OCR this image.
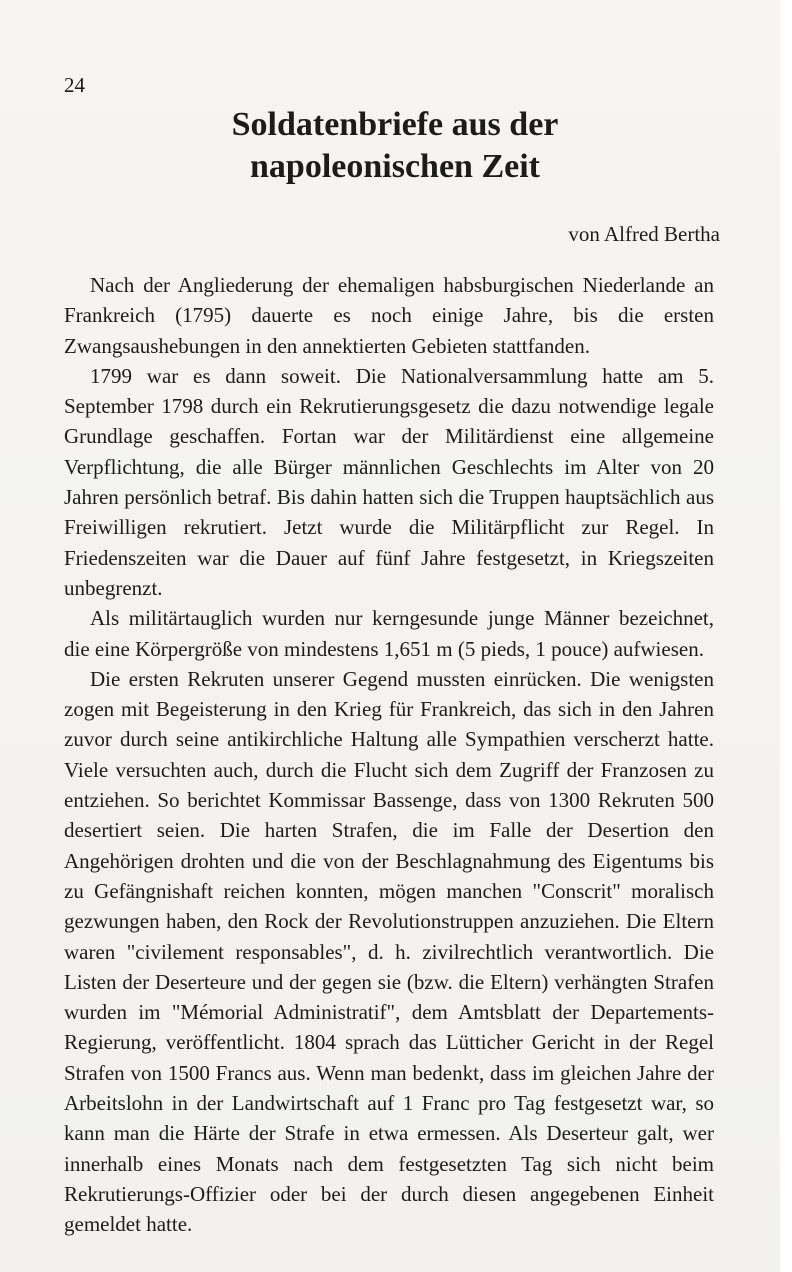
24
Soldatenbriefe aus der
napoleonischen Zeit
von Alfred Bertha

Nach der Angliederung der ehemaligen habsburgischen Niederlande an Frankreich (1795) dauerte es noch einige Jahre, bis die ersten Zwangsaushebungen in den annektierten Gebieten stattfanden.

1799 war es dann soweit. Die Nationalversammlung hatte am 5. September 1798 durch ein Rekrutierungsgesetz die dazu notwendige legale Grundlage geschaffen. Fortan war der Militärdienst eine allgemeine Verpflichtung, die alle Bürger männlichen Geschlechts im Alter von 20 Jahren persönlich betraf. Bis dahin hatten sich die Truppen hauptsächlich aus Freiwilligen rekrutiert. Jetzt wurde die Militärpflicht zur Regel. In Friedenszeiten war die Dauer auf fünf Jahre festgesetzt, in Kriegszeiten unbegrenzt.

Als militärtauglich wurden nur kerngesunde junge Männer bezeichnet, die eine Körpergröße von mindestens 1,651 m (5 pieds, 1 pouce) aufwiesen.

Die ersten Rekruten unserer Gegend mussten einrücken. Die wenigsten zogen mit Begeisterung in den Krieg für Frankreich, das sich in den Jahren zuvor durch seine antikirchliche Haltung alle Sympathien verscherzt hatte. Viele versuchten auch, durch die Flucht sich dem Zugriff der Franzosen zu entziehen. So berichtet Kommissar Bassenge, dass von 1300 Rekruten 500 desertiert seien. Die harten Strafen, die im Falle der Desertion den Angehörigen drohten und die von der Beschlagnahmung des Eigentums bis zu Gefängnishaft reichen konnten, mögen manchen "Conscrit" moralisch gezwungen haben, den Rock der Revolutionstruppen anzuziehen. Die Eltern waren "civilement responsables", d. h. zivilrechtlich verantwortlich. Die Listen der Deserteure und der gegen sie (bzw. die Eltern) verhängten Strafen wurden im "Mémorial Administratif", dem Amtsblatt der Departements-Regierung, veröffentlicht. 1804 sprach das Lütticher Gericht in der Regel Strafen von 1500 Francs aus. Wenn man bedenkt, dass im gleichen Jahre der Arbeitslohn in der Landwirtschaft auf 1 Franc pro Tag festgesetzt war, so kann man die Härte der Strafe in etwa ermessen. Als Deserteur galt, wer innerhalb eines Monats nach dem festgesetzten Tag sich nicht beim Rekrutierungs-Offizier oder bei der durch diesen angegebenen Einheit gemeldet hatte.
